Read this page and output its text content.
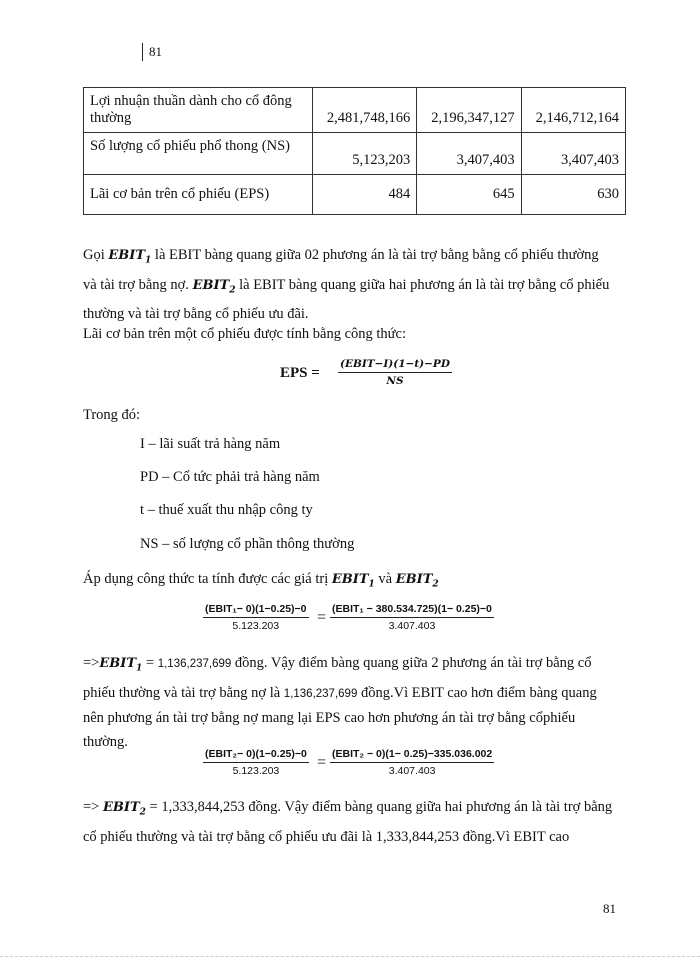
81
Lợi nhuận thuần dành cho cổ đông thường	2,481,748,166	2,196,347,127	2,146,712,164
Số lượng cổ phiếu phổ thong (NS)	5,123,203	3,407,403	3,407,403
Lãi cơ bản trên cổ phiếu (EPS)	484	645	630
Gọi $EBIT_1$ là EBIT bàng quang giữa 02 phương án là tài trợ bằng bằng cổ phiếu thường
và tài trợ bằng nợ. $EBIT_2$ là EBIT bàng quang giữa hai phương án là tài trợ bằng cổ phiếu
thường và tài trợ bằng cổ phiếu ưu đãi.
Lãi cơ bản trên một cổ phiếu được tính bằng công thức:
EPS =
(EBIT−I)(1−t)−PD
NS
Trong đó:
I – lãi suất trả hàng năm
PD – Cổ tức phải trả hàng năm
t – thuế xuất thu nhập công ty
NS – số lượng cổ phần thông thường
Áp dụng công thức ta tính được các giá trị $EBIT_1$ và $EBIT_2$
(EBIT₁− 0)(1−0.25)−0
5.123.203	= (EBIT₁ − 380.534.725)(1− 0.25)−0
3.407.403
$=>EBIT_1 = 1,136,237,699$ đồng. Vậy điểm bàng quang giữa 2 phương án tài trợ bằng cổ
phiếu thường và tài trợ bằng nợ là 1,136,237,699 đồng.Vì EBIT cao hơn điểm bàng quang
nên phương án tài trợ bằng nợ mang lại EPS cao hơn phương án tài trợ bằng cổphiếu
thường.
(EBIT₂− 0)(1−0.25)−0
5.123.203	= (EBIT₂ − 0)(1− 0.25)−335.036.002
3.407.403
=> $EBIT_2 = 1,333,844,253$ đồng. Vậy điểm bàng quang giữa hai phương án là tài trợ bằng
cổ phiếu thường và tài trợ bằng cổ phiếu ưu đãi là 1,333,844,253 đồng.Vì EBIT cao
81
